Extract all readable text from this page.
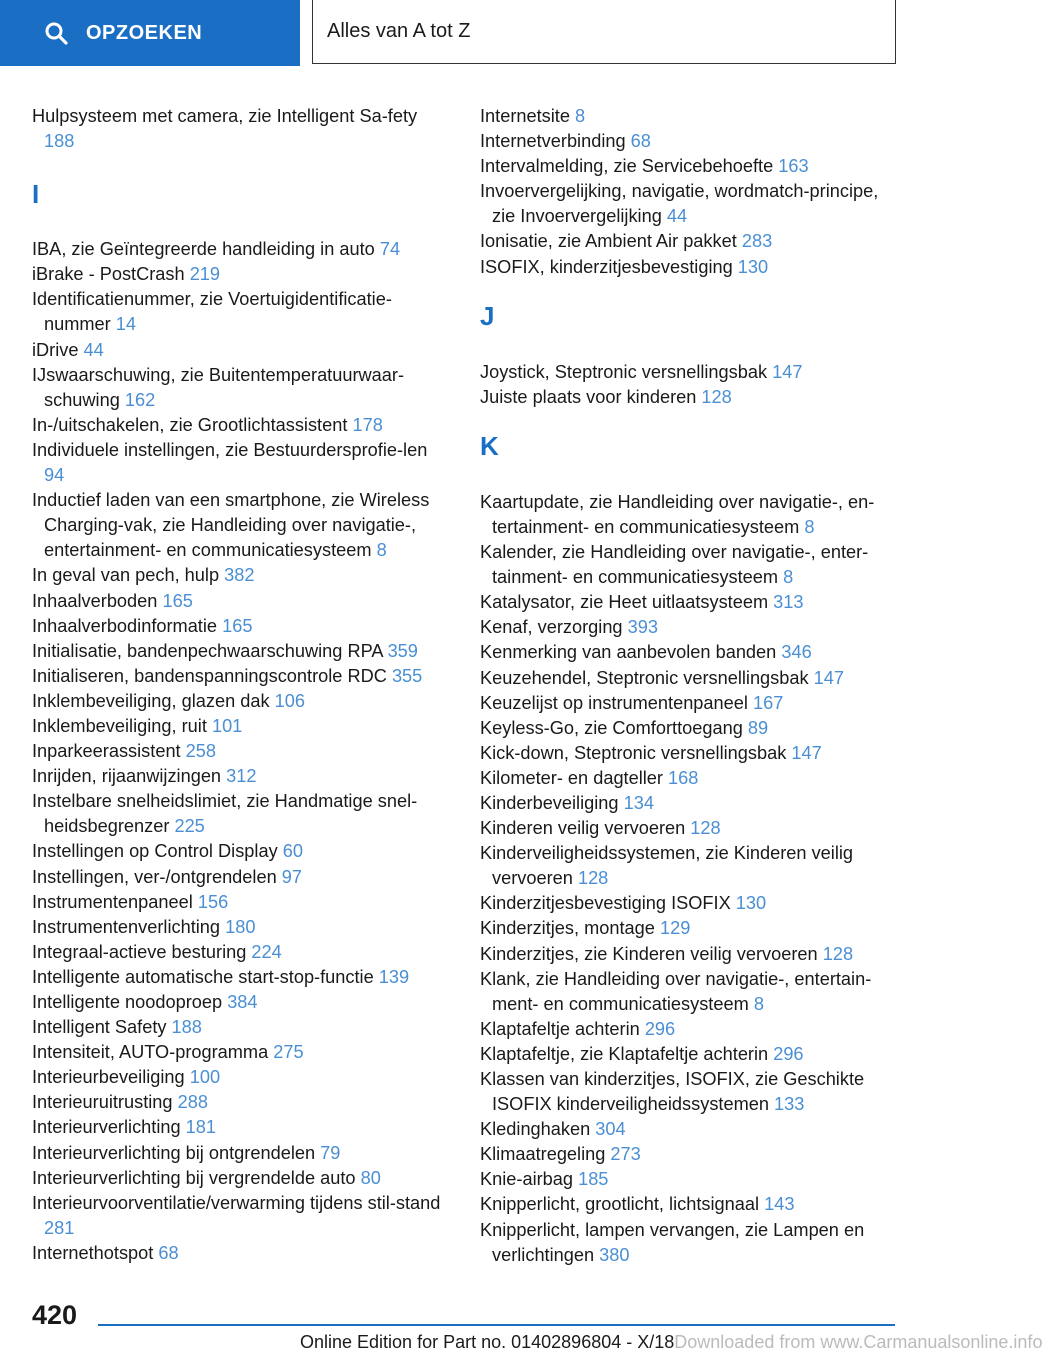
OPZOEKEN	Alles van A tot Z
Hulpsysteem met camera, zie Intelligent Sa-fety 188
I
IBA, zie Geïntegreerde handleiding in auto 74
iBrake - PostCrash 219
Identificatienummer, zie Voertuigidentificatie-nummer 14
iDrive 44
IJswaarschuwing, zie Buitentemperatuurwaar-schuwing 162
In-/uitschakelen, zie Grootlichtassistent 178
Individuele instellingen, zie Bestuurdersprofie-len 94
Inductief laden van een smartphone, zie Wireless Charging-vak, zie Handleiding over navigatie-, entertainment- en communicatiesysteem 8
In geval van pech, hulp 382
Inhaalverboden 165
Inhaalverbodinformatie 165
Initialisatie, bandenpechwaarschuwing RPA 359
Initialiseren, bandenspanningscontrole RDC 355
Inklembeveiliging, glazen dak 106
Inklembeveiliging, ruit 101
Inparkeerassistent 258
Inrijden, rijaanwijzingen 312
Instelbare snelheidslimiet, zie Handmatige snel-heidsbegrenzer 225
Instellingen op Control Display 60
Instellingen, ver-/ontgrendelen 97
Instrumentenpaneel 156
Instrumentenverlichting 180
Integraal-actieve besturing 224
Intelligente automatische start-stop-functie 139
Intelligente noodoproep 384
Intelligent Safety 188
Intensiteit, AUTO-programma 275
Interieurbeveiliging 100
Interieuruitrusting 288
Interieurverlichting 181
Interieurverlichting bij ontgrendelen 79
Interieurverlichting bij vergrendelde auto 80
Interieurvoorventilatie/verwarming tijdens stil-stand 281
Internethotspot 68
Internetsite 8
Internetverbinding 68
Intervalmelding, zie Servicebehoefte 163
Invoervergelijking, navigatie, wordmatch-principe, zie Invoervergelijking 44
Ionisatie, zie Ambient Air pakket 283
ISOFIX, kinderzitjesbevestiging 130
J
Joystick, Steptronic versnellingsbak 147
Juiste plaats voor kinderen 128
K
Kaartupdate, zie Handleiding over navigatie-, en-tertainment- en communicatiesysteem 8
Kalender, zie Handleiding over navigatie-, enter-tainment- en communicatiesysteem 8
Katalysator, zie Heet uitlaatsysteem 313
Kenaf, verzorging 393
Kenmerking van aanbevolen banden 346
Keuzehendel, Steptronic versnellingsbak 147
Keuzelijst op instrumentenpaneel 167
Keyless-Go, zie Comforttoegang 89
Kick-down, Steptronic versnellingsbak 147
Kilometer- en dagteller 168
Kinderbeveiliging 134
Kinderen veilig vervoeren 128
Kinderveiligheidssystemen, zie Kinderen veilig vervoeren 128
Kinderzitjesbevestiging ISOFIX 130
Kinderzitjes, montage 129
Kinderzitjes, zie Kinderen veilig vervoeren 128
Klank, zie Handleiding over navigatie-, entertain-ment- en communicatiesysteem 8
Klaptafeltje achterin 296
Klaptafeltje, zie Klaptafeltje achterin 296
Klassen van kinderzitjes, ISOFIX, zie Geschikte ISOFIX kinderveiligheidssystemen 133
Kledinghaken 304
Klimaatregeling 273
Knie-airbag 185
Knipperlicht, grootlicht, lichtsignaal 143
Knipperlicht, lampen vervangen, zie Lampen en verlichtingen 380
420
Online Edition for Part no. 01402896804 - X/18Downloaded from www.Carmanualsonline.info
